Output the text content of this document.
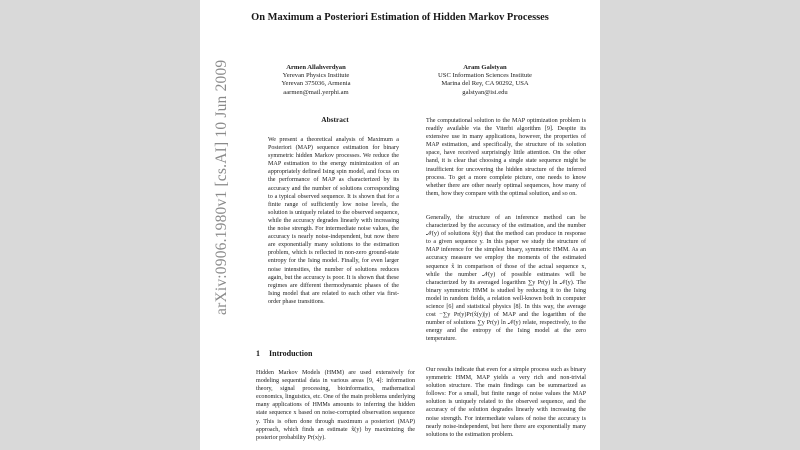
On Maximum a Posteriori Estimation of Hidden Markov Processes
Armen Allahverdyan
Yerevan Physics Institute
Yerevan 375036, Armenia
aarmen@mail.yerphi.am
Aram Galstyan
USC Information Sciences Institute
Marina del Rey, CA 90292, USA
galstyan@isi.edu
Abstract
We present a theoretical analysis of Maximum a Posteriori (MAP) sequence estimation for binary symmetric hidden Markov processes. We reduce the MAP estimation to the energy minimization of an appropriately defined Ising spin model, and focus on the performance of MAP as characterized by its accuracy and the number of solutions corresponding to a typical observed sequence. It is shown that for a finite range of sufficiently low noise levels, the solution is uniquely related to the observed sequence, while the accuracy degrades linearly with increasing the noise strength. For intermediate noise values, the accuracy is nearly noise-independent, but now there are exponentially many solutions to the estimation problem, which is reflected in non-zero ground-state entropy for the Ising model. Finally, for even larger noise intensities, the number of solutions reduces again, but the accuracy is poor. It is shown that these regimes are different thermodynamic phases of the Ising model that are related to each other via first-order phase transitions.
1 Introduction
Hidden Markov Models (HMM) are used extensively for modeling sequential data in various areas [9, 4]: information theory, signal processing, bioinformatics, mathematical economics, linguistics, etc. One of the main problems underlying many applications of HMMs amounts to inferring the hidden state sequence x based on noise-corrupted observation sequence y. This is often done through maximum a posteriori (MAP) approach, which finds an estimate x̂(y) by maximizing the posterior probability Pr(x|y).
The computational solution to the MAP optimization problem is readily available via the Viterbi algorithm [9]. Despite its extensive use in many applications, however, the properties of MAP estimation, and specifically, the structure of its solution space, have received surprisingly little attention. On the other hand, it is clear that choosing a single state sequence might be insufficient for uncovering the hidden structure of the inferred process. To get a more complete picture, one needs to know whether there are other nearly optimal sequences, how many of them, how they compare with the optimal solution, and so on.
Generally, the structure of an inference method can be characterized by the accuracy of the estimation, and the number 𝒩(y) of solutions x̂(y) that the method can produce in response to a given sequence y. In this paper we study the structure of MAP inference for the simplest binary, symmetric HMM. As an accuracy measure we employ the moments of the estimated sequence x̂ in comparison of those of the actual sequence x, while the number 𝒩(y) of possible estimates will be characterized by its averaged logarithm ∑y Pr(y) ln 𝒩(y). The binary symmetric HMM is studied by reducing it to the Ising model in random fields, a relation well-known both in computer science [6] and statistical physics [8]. In this way, the average cost −∑y Pr(y)Pr(x̂(y)|y) of MAP and the logarithm of the number of solutions ∑y Pr(y) ln 𝒩(y) relate, respectively, to the energy and the entropy of the Ising model at the zero temperature.
Our results indicate that even for a simple process such as binary symmetric HMM, MAP yields a very rich and non-trivial solution structure. The main findings can be summarized as follows: For a small, but finite range of noise values the MAP solution is uniquely related to the observed sequence, and the accuracy of the solution degrades linearly with increasing the noise strength. For intermediate values of noise the accuracy is nearly noise-independent, but here there are exponentially many solutions to the estimation problem.
arXiv:0906.1980v1 [cs.AI] 10 Jun 2009
